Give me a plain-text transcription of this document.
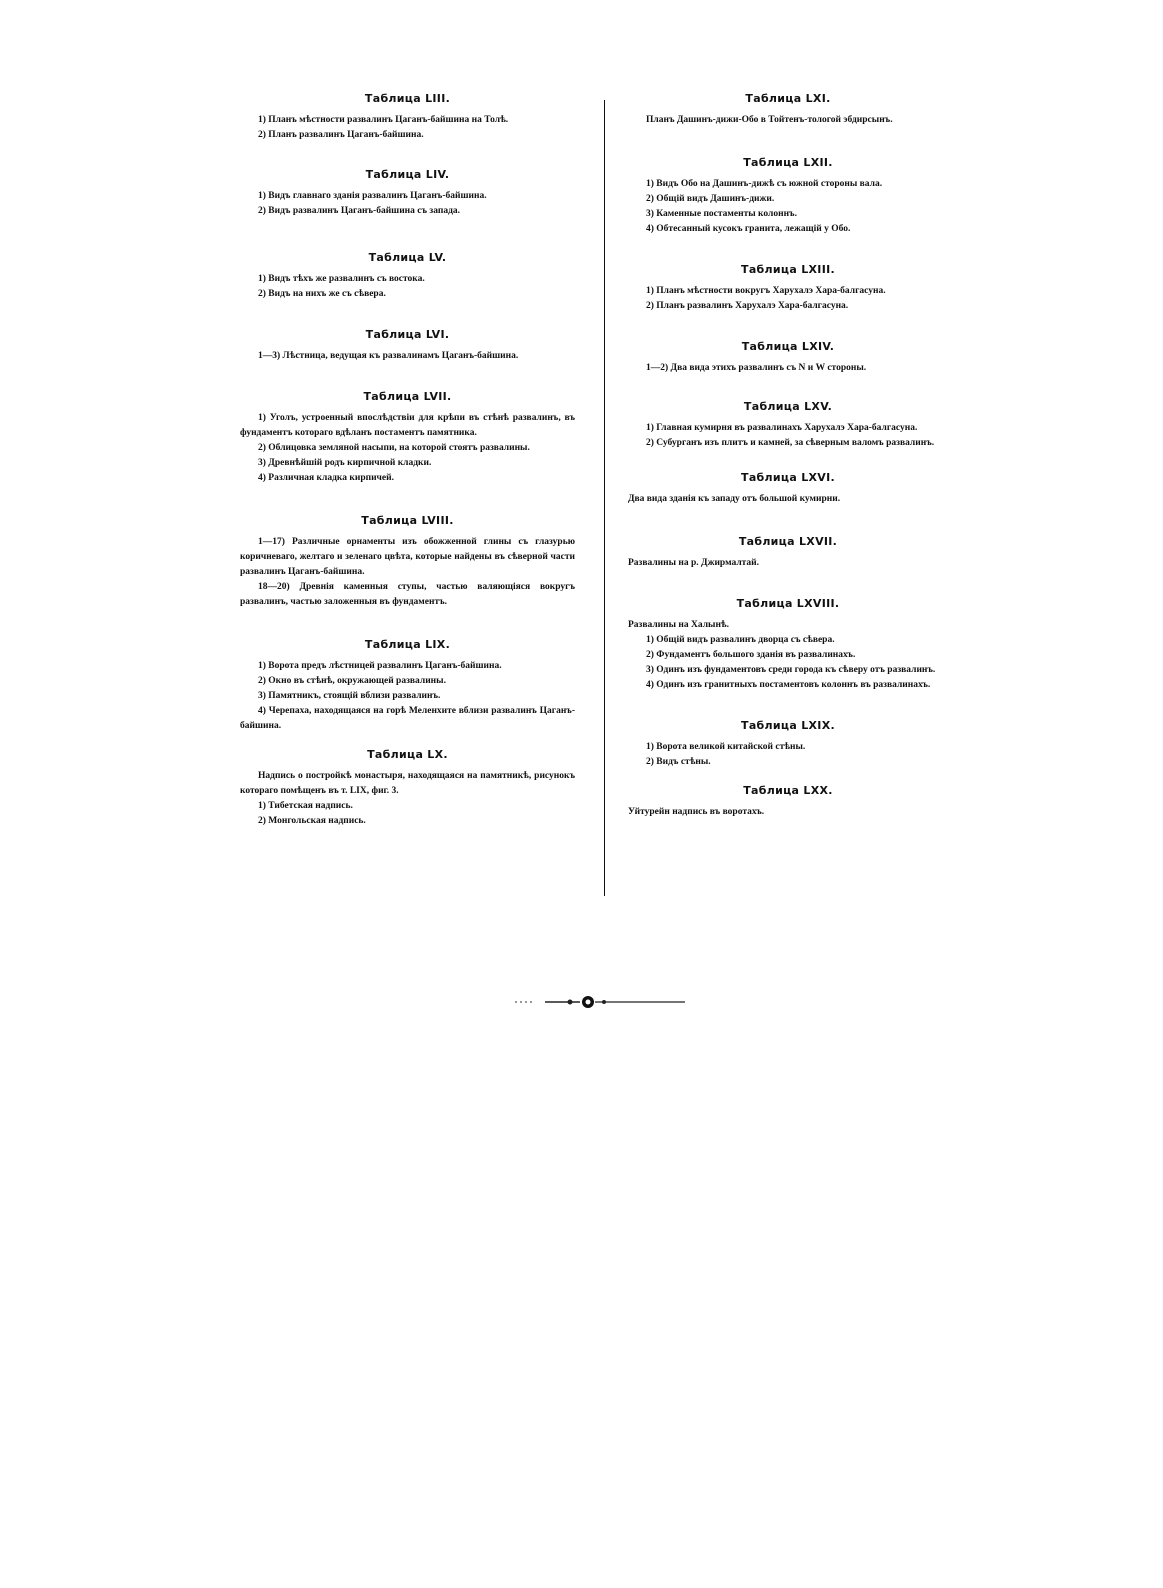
Таблица LIII.

1) Планъ мѣстности развалинъ Цаганъ-байшина на Толѣ.

2) Планъ развалинъ Цаганъ-байшина.

Таблица LIV.

1) Видъ главнаго зданія развалинъ Цаганъ-байшина.

2) Видъ развалинъ Цаганъ-байшина съ запада.

Таблица LV.

1) Видъ тѣхъ же развалинъ съ востока.

2) Видъ на нихъ же съ сѣвера.

Таблица LVI.

1—3) Лѣстница, ведущая къ развалинамъ Цаганъ-байшина.

Таблица LVII.

1) Уголъ, устроенный впослѣдствіи для крѣпи въ стѣнѣ развалинъ, въ фундаментъ котораго вдѣланъ постаментъ памятника.

2) Облицовка земляной насыпи, на которой стоятъ развалины.

3) Древнѣйшій родъ кирпичной кладки.

4) Различная кладка кирпичей.

Таблица LVIII.

1—17) Различные орнаменты изъ обожженной глины съ глазурью коричневаго, желтаго и зеленаго цвѣта, которые найдены въ сѣверной части развалинъ Цаганъ-байшина.

18—20) Древнія каменныя ступы, частью валяющіяся вокругъ развалинъ, частью заложенныя въ фундаментъ.

Таблица LIX.

1) Ворота предъ лѣстницей развалинъ Цаганъ-байшина.

2) Окно въ стѣнѣ, окружающей развалины.

3) Памятникъ, стоящій вблизи развалинъ.

4) Черепаха, находящаяся на горѣ Меленхите вблизи развалинъ Цаганъ-байшина.

Таблица LX.

Надпись о постройкѣ монастыря, находящаяся на памятникѣ, рисунокъ котораго помѣщенъ въ т. LIX, фиг. 3.

1) Тибетская надпись.

2) Монгольская надпись.

Таблица LXI.

Планъ Дашинъ-дижи-Обо в Тойтенъ-тологой эбдирсынъ.

Таблица LXII.

1) Видъ Обо на Дашинъ-дижѣ съ южной стороны вала.

2) Общій видъ Дашинъ-дижи.

3) Каменные постаменты колоннъ.

4) Обтесанный кусокъ гранита, лежащій у Обо.

Таблица LXIII.

1) Планъ мѣстности вокругъ Харухалэ Хара-балгасуна.

2) Планъ развалинъ Харухалэ Хара-балгасуна.

Таблица LXIV.

1—2) Два вида этихъ развалинъ съ N и W стороны.

Таблица LXV.

1) Главная кумирня въ развалинахъ Харухалэ Хара-балгасуна.

2) Субурганъ изъ плитъ и камней, за сѣверным валомъ развалинъ.

Таблица LXVI.

Два вида зданія къ западу отъ большой кумирни.

Таблица LXVII.

Развалины на р. Джирмалтай.

Таблица LXVIII.

Развалины на Халынѣ.

1) Общій видъ развалинъ дворца съ сѣвера.

2) Фундаментъ большого зданія въ развалинахъ.

3) Одинъ изъ фундаментовъ среди города къ сѣверу отъ развалинъ.

4) Одинъ изъ гранитныхъ постаментовъ колоннъ въ развалинахъ.

Таблица LXIX.

1) Ворота великой китайской стѣны.

2) Видъ стѣны.

Таблица LXX.

Уйтурейн надпись въ воротахъ.
